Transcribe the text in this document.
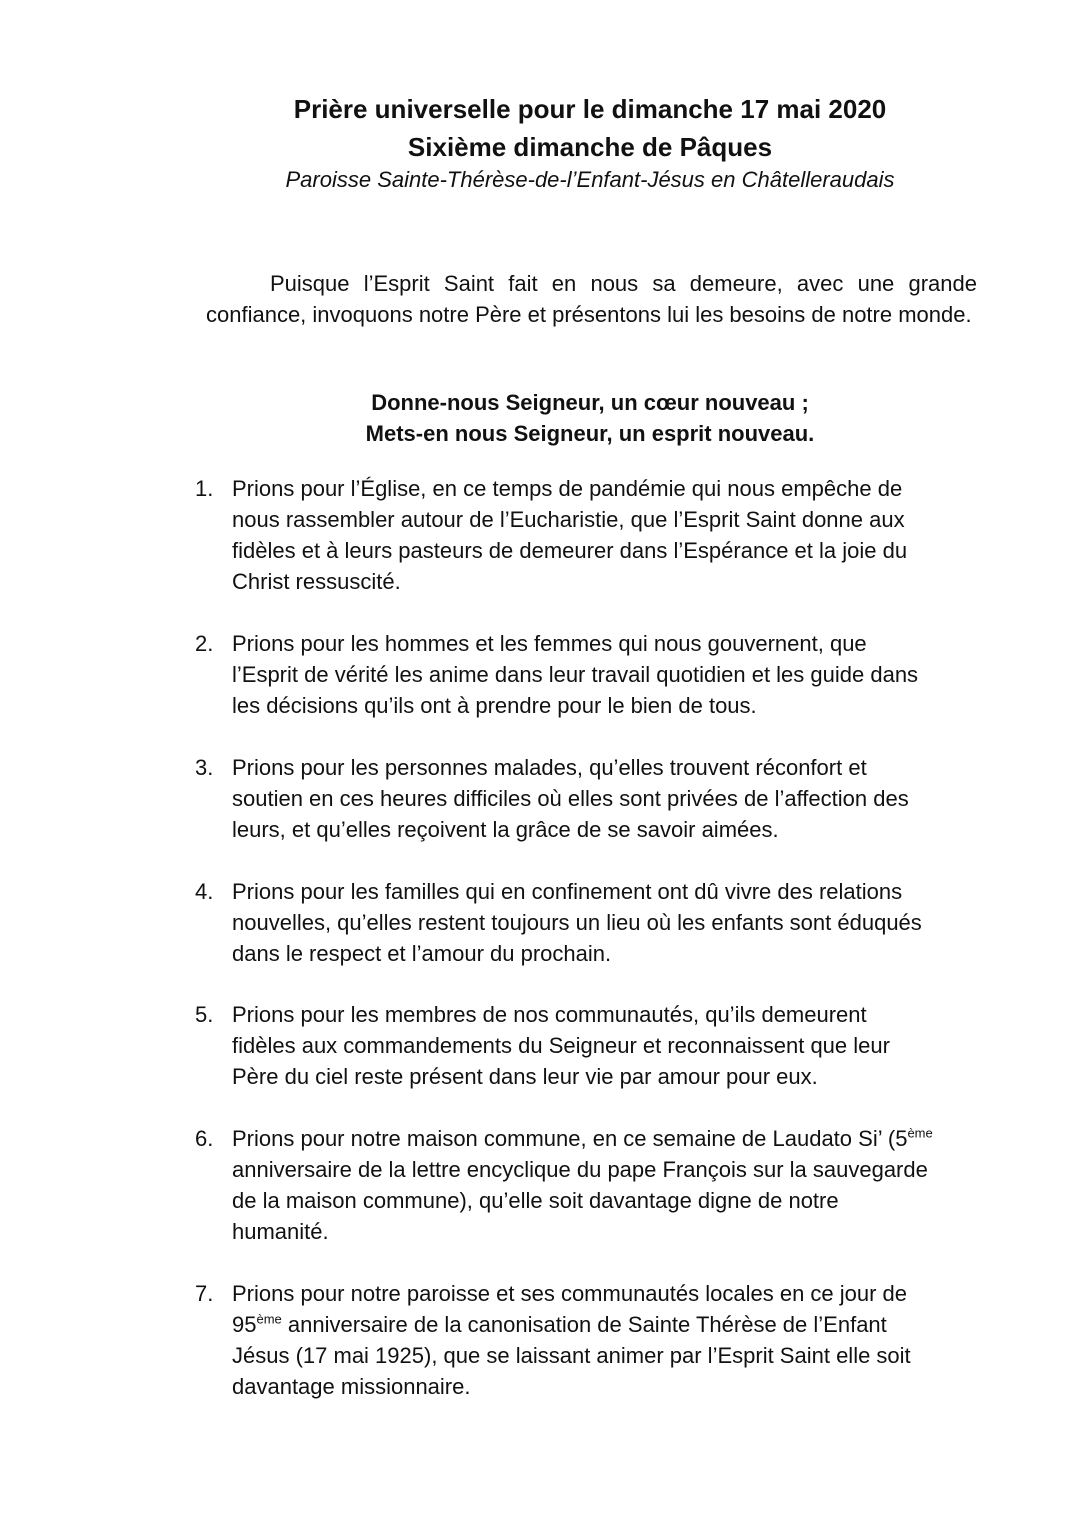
Prière universelle pour le dimanche 17 mai 2020
Sixième dimanche de Pâques
Paroisse Sainte-Thérèse-de-l’Enfant-Jésus en Châtelleraudais

Puisque l’Esprit Saint fait en nous sa demeure, avec une grande confiance, invoquons notre Père et présentons lui les besoins de notre monde.

Donne-nous Seigneur, un cœur nouveau ;
Mets-en nous Seigneur, un esprit nouveau.
1. Prions pour l’Église, en ce temps de pandémie qui nous empêche de
nous rassembler autour de l’Eucharistie, que l’Esprit Saint donne aux
fidèles et à leurs pasteurs de demeurer dans l’Espérance et la joie du
Christ ressuscité.
2. Prions pour les hommes et les femmes qui nous gouvernent, que
l’Esprit de vérité les anime dans leur travail quotidien et les guide dans
les décisions qu’ils ont à prendre pour le bien de tous.
3. Prions pour les personnes malades, qu’elles trouvent réconfort et
soutien en ces heures difficiles où elles sont privées de l’affection des
leurs, et qu’elles reçoivent la grâce de se savoir aimées.
4. Prions pour les familles qui en confinement ont dû vivre des relations
nouvelles, qu’elles restent toujours un lieu où les enfants sont éduqués
dans le respect et l’amour du prochain.
5. Prions pour les membres de nos communautés, qu’ils demeurent
fidèles aux commandements du Seigneur et reconnaissent que leur
Père du ciel reste présent dans leur vie par amour pour eux.
6. Prions pour notre maison commune, en ce semaine de Laudato Si’ (5ème
anniversaire de la lettre encyclique du pape François sur la sauvegarde
de la maison commune), qu’elle soit davantage digne de notre
humanité.
7. Prions pour notre paroisse et ses communautés locales en ce jour de
95ème anniversaire de la canonisation de Sainte Thérèse de l’Enfant
Jésus (17 mai 1925), que se laissant animer par l’Esprit Saint elle soit
davantage missionnaire.
